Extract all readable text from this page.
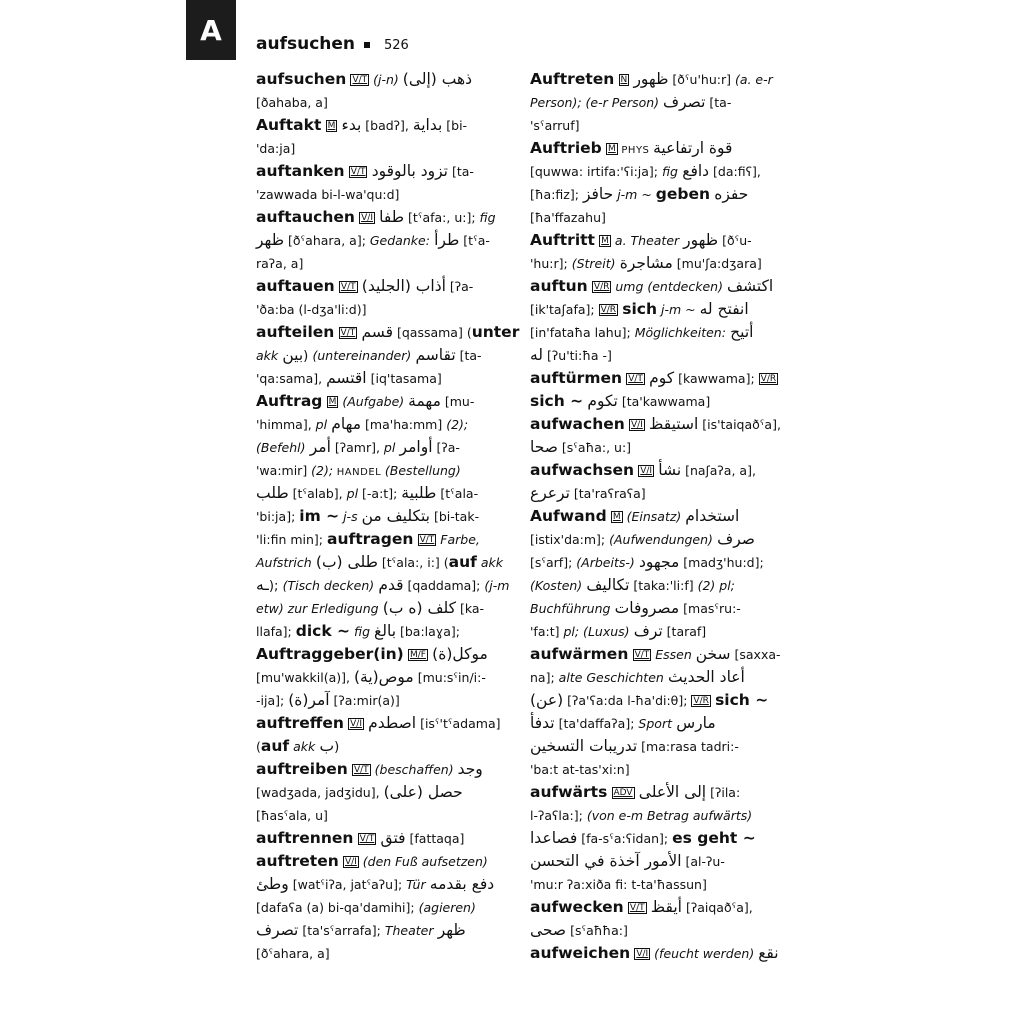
A	aufsuchen 526
aufsuchen V/T (j-n) ذهب (إلى)
[ðahaba, a]
Auftakt M بدء [badʔ], بداية [bi-
'da:ja]
auftanken V/T تزود بالوقود [ta-
'zawwada bi-l-wa'qu:d]
auftauchen V/I طفا [tˤafa:, u:]; fig
ظهر [ðˤahara, a]; Gedanke: طرأ [tˤa-
raʔa, a]
auftauen V/T أذاب (الجليد) [ʔa-
'ða:ba (l-dʒa'li:d)]
aufteilen V/T قسم [qassama] (unter
akk بين) (untereinander) تقاسم [ta-
'qa:sama], اقتسم [iq'tasama]
Auftrag M (Aufgabe) مهمة [mu-
'himma], pl مهام [ma'ha:mm] (2);
(Befehl) أمر [ʔamr], pl أوامر [ʔa-
'wa:mir] (2); HANDEL (Bestellung)
طلب [tˤalab], pl [-a:t]; طلبية [tˤala-
'bi:ja]; im ~ j-s بتكليف من [bi-tak-
'li:fin min]; auftragen V/T Farbe,
Aufstrich طلى (ب) [tˤala:, i:] (auf akk
ـه); (Tisch decken) قدم [qaddama]; (j-m
etw) zur Erledigung كلف (ه ب) [ka-
llafa]; dick ~ fig بالغ [ba:laɣa];
Auftraggeber(in) M/F موكل(ة)
[mu'wakkil(a)], موص(ية) [mu:sˤin/i:-
-ija]; آمر(ة) [ʔa:mir(a)]
auftreffen V/I اصطدم [isˤ'tˤadama]
(auf akk ب)
auftreiben V/T (beschaffen) وجد
[wadʒada, jadʒidu], حصل (على)
[ħasˤala, u]
auftrennen V/T فتق [fattaqa]
auftreten V/I (den Fuß aufsetzen)
وطئ [watˤiʔa, jatˤaʔu]; Tür دفع بقدمه
[dafaʕa (a) bi-qa'damihi]; (agieren)
تصرف [ta'sˤarrafa]; Theater ظهر
[ðˤahara, a]
Auftreten N ظهور [ðˤu'hu:r] (a. e-r
Person); (e-r Person) تصرف [ta-
'sˤarruf]
Auftrieb M PHYS قوة ارتفاعية
[quwwa: irtifa:'ʕi:ja]; fig دافع [da:fiʕ],
[ħa:fiz]; حافز j-m ~ geben حفزه
[ħa'ffazahu]
Auftritt M a. Theater ظهور [ðˤu-
'hu:r]; (Streit) مشاجرة [mu'ʃa:dʒara]
auftun V/R umg (entdecken) اكتشف
[ik'taʃafa]; V/R sich j-m ~ انفتح له
[in'fataħa lahu]; Möglichkeiten: أتيح
له [ʔu'ti:ħa -]
auftürmen V/T كوم [kawwama]; V/R
sich ~ تكوم [ta'kawwama]
aufwachen V/I استيقظ [is'taiqaðˤa],
صحا [sˤaħa:, u:]
aufwachsen V/I نشأ [naʃaʔa, a],
ترعرع [ta'raʕraʕa]
Aufwand M (Einsatz) استخدام
[istix'da:m]; (Aufwendungen) صرف
[sˤarf]; (Arbeits-) مجهود [madʒ'hu:d];
(Kosten) تكاليف [taka:'li:f] (2) pl;
Buchführung مصروفات [masˤru:-
'fa:t] pl; (Luxus) ترف [taraf]
aufwärmen V/T Essen سخن [saxxa-
na]; alte Geschichten أعاد الحديث
(عن) [ʔa'ʕa:da l-ħa'di:θ]; V/R sich ~
تدفأ [ta'daffaʔa]; Sport مارس
تدريبات التسخين [ma:rasa tadri:-
'ba:t at-tas'xi:n]
aufwärts ADV إلى الأعلى [ʔila:
l-ʔaʕla:]; (von e-m Betrag aufwärts)
فصاعدا [fa-sˤa:ʕidan]; es geht ~
الأمور آخذة في التحسن [al-ʔu-
'mu:r ʔa:xiða fi: t-ta'ħassun]
aufwecken V/T أيقظ [ʔaiqaðˤa],
صحى [sˤaħħa:]
aufweichen V/I (feucht werden) نقع
